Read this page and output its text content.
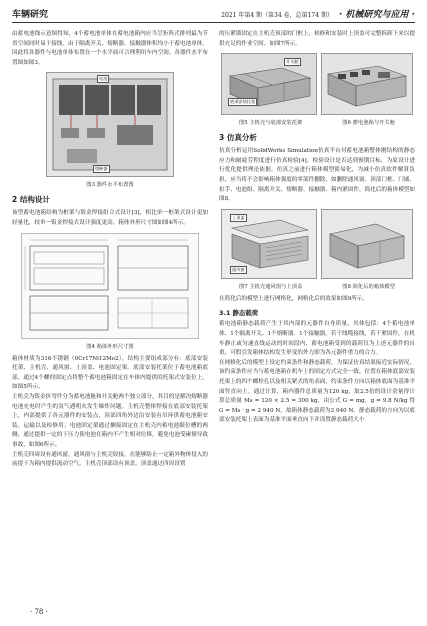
车辆研究	2021 年第4 期（第34 卷，总第174 期） · 机械研究与应用 ·

由蓄电池线示意图得知，4个蓄电池单体在蓄电池箱内应当呈矩阵式排列最为节省空间同时易于接线。由于隔离开关、熔断器、接触器体积均小于蓄电池单体，因此将各器件与电池单体布置在一个水平面可合理利用车内空间。各器件水平布置图如图3。

电池
熔断器
图3 器件水平布置图
2 结构设计

该型蓄电池箱结构为框架与钣金焊接组合式设计[3]，相比单一框架式设计更加轻量化，较单一钣金焊接式设计强度更高。箱体外形尺寸图如图4所示。

图4 箱体外形尺寸图

箱体材质为316不锈钢（0Cr17Ni12Mo2），结构主要组成部分有：底部安装托架、主机壳、通风窗、上顶盖、电池固定架。底部安装托架位于蓄电池箱底部，通过4个螺栓固定点将整个蓄电池箱固定在车体内提供的托架式安装位上，如图5所示。

主机壳为钣金折弯件分为蓄电池舱和开关舱两个独立部分，其目的是解决熔断器电池充电时产生的氢气遇明火发生爆炸问题。主机壳整体焊接在底部安装托架上，内部提供了各元器件的安装点，顶部四角外边沿安装有吊环供蓄电池箱安装、运输以及检修用。电池固定架通过捆接固定在主机壳内蓄电池限位槽的两侧，通过提供一定的下压力使电池在箱内不产生相对位移，避免电池受碰撞导致事故，如图6所示。

主机壳四周设有通风窗，通风窗与主机壳铰接，在能够防止一定箱外物体侵入的前提下为箱内提供流动空气。主机壳顶部设有顶盖，顶盖通过四周设置

的压紧锁固定在主机壳顶部的门框上，检修和安装时上顶盖可完整拆卸下来以提供充足的作业空间。如图7所示。

底部安装托架
开关舱
图5 主机壳与底部安装托架	图6 蓄电池箱与开关舱
3 仿真分析

仿真分析运用SolidWorks Simulation仿真平台对蓄电池箱整体刚结构的静态应力和耐疲劳程度进行仿真检验[4]，检验设计是否达到预期目标，为原设计进行优化提供理论依据。仿真之前进行箱体模型简易化，为减小仿真软件解算负担，应当将不会影响箱体强度的零部件删除，如删除通风窗、顶部门框、门铺、扣手、电池组、隔离开关、熔断器、接触器、箱内紧固件。简化后的箱体模型如图8。

上顶盖
通风窗
图7 主机壳通风窗与上顶盖	图8 简化后的箱体模型

在简化后的模型上进行网格化，网格化后的效果如图9所示。

3.1 静态载荷

蓄电池箱静态载荷产生于其内部的元器件自身质量，其体包括：4个蓄电池单体、1个隔离开关、1个熔断器、1个接触器，若干线缆接线，若干紧固件。在机车静止或匀速直线运动的时间段内，蓄电池箱受到的载荷仅为上述元器件的自重，可假引发箱体结构发生形变的外力即为各元器件重力的合力。

在网格化后的模型上设定约束条件和静态载荷，为保证仿真结果接近实际情况，该约束条件应当与蓄电池箱在机车上的固定方式完全一致，位置在箱体底部安装托架上的四个螺栓孔以及相关紧式的角表面，约束条件方向以箱体底面为基准平面竖直向上。通过计算，箱内器件总质量为120 kg，取2.5倍的设计余量得计算总质量 Ms = 120 × 2.5 = 300 kg，由公式 G = mg，g = 9.8 N/kg 得 G = Ms · g = 2 940 N。故箱体静态载荷为2 940 N。静态载荷的方向为以底部安装托架上表面为基准平面垂直向下并设置静态载荷大小

· 78 ·
